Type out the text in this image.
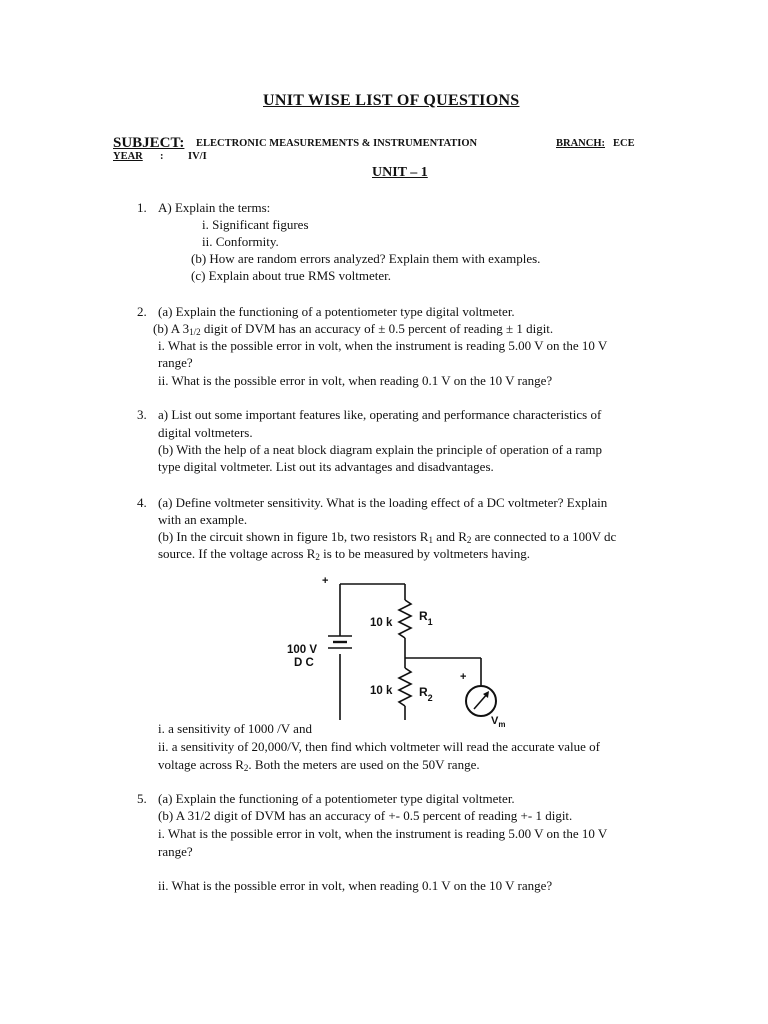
UNIT WISE LIST OF QUESTIONS
SUBJECT: ELECTRONIC MEASUREMENTS & INSTRUMENTATION	BRANCH: ECE
YEAR : IV/I
UNIT – 1
1. A) Explain the terms:
i. Significant figures
ii. Conformity.
(b) How are random errors analyzed? Explain them with examples.
(c) Explain about true RMS voltmeter.
2. (a) Explain the functioning of a potentiometer type digital voltmeter.
(b) A $3_{1/2}$ digit of DVM has an accuracy of ± 0.5 percent of reading ± 1 digit.
i. What is the possible error in volt, when the instrument is reading 5.00 V on the 10 V
range?
ii. What is the possible error in volt, when reading 0.1 V on the 10 V range?
3. a) List out some important features like, operating and performance characteristics of
digital voltmeters.
(b) With the help of a neat block diagram explain the principle of operation of a ramp
type digital voltmeter. List out its advantages and disadvantages.
4. (a) Define voltmeter sensitivity. What is the loading effect of a DC voltmeter? Explain
with an example.
(b) In the circuit shown in figure 1b, two resistors $R_1$ and $R_2$ are connected to a 100V dc
source. If the voltage across $R_2$ is to be measured by voltmeters having.
+
100 V
D C
10 k $R_1$
10 k $R_2$
+
$V_m$
i. a sensitivity of 1000 /V and
ii. a sensitivity of 20,000/V, then find which voltmeter will read the accurate value of
voltage across $R_2$. Both the meters are used on the 50V range.
5. (a) Explain the functioning of a potentiometer type digital voltmeter.
(b) A 31/2 digit of DVM has an accuracy of +- 0.5 percent of reading +- 1 digit.
i. What is the possible error in volt, when the instrument is reading 5.00 V on the 10 V
range?
ii. What is the possible error in volt, when reading 0.1 V on the 10 V range?
